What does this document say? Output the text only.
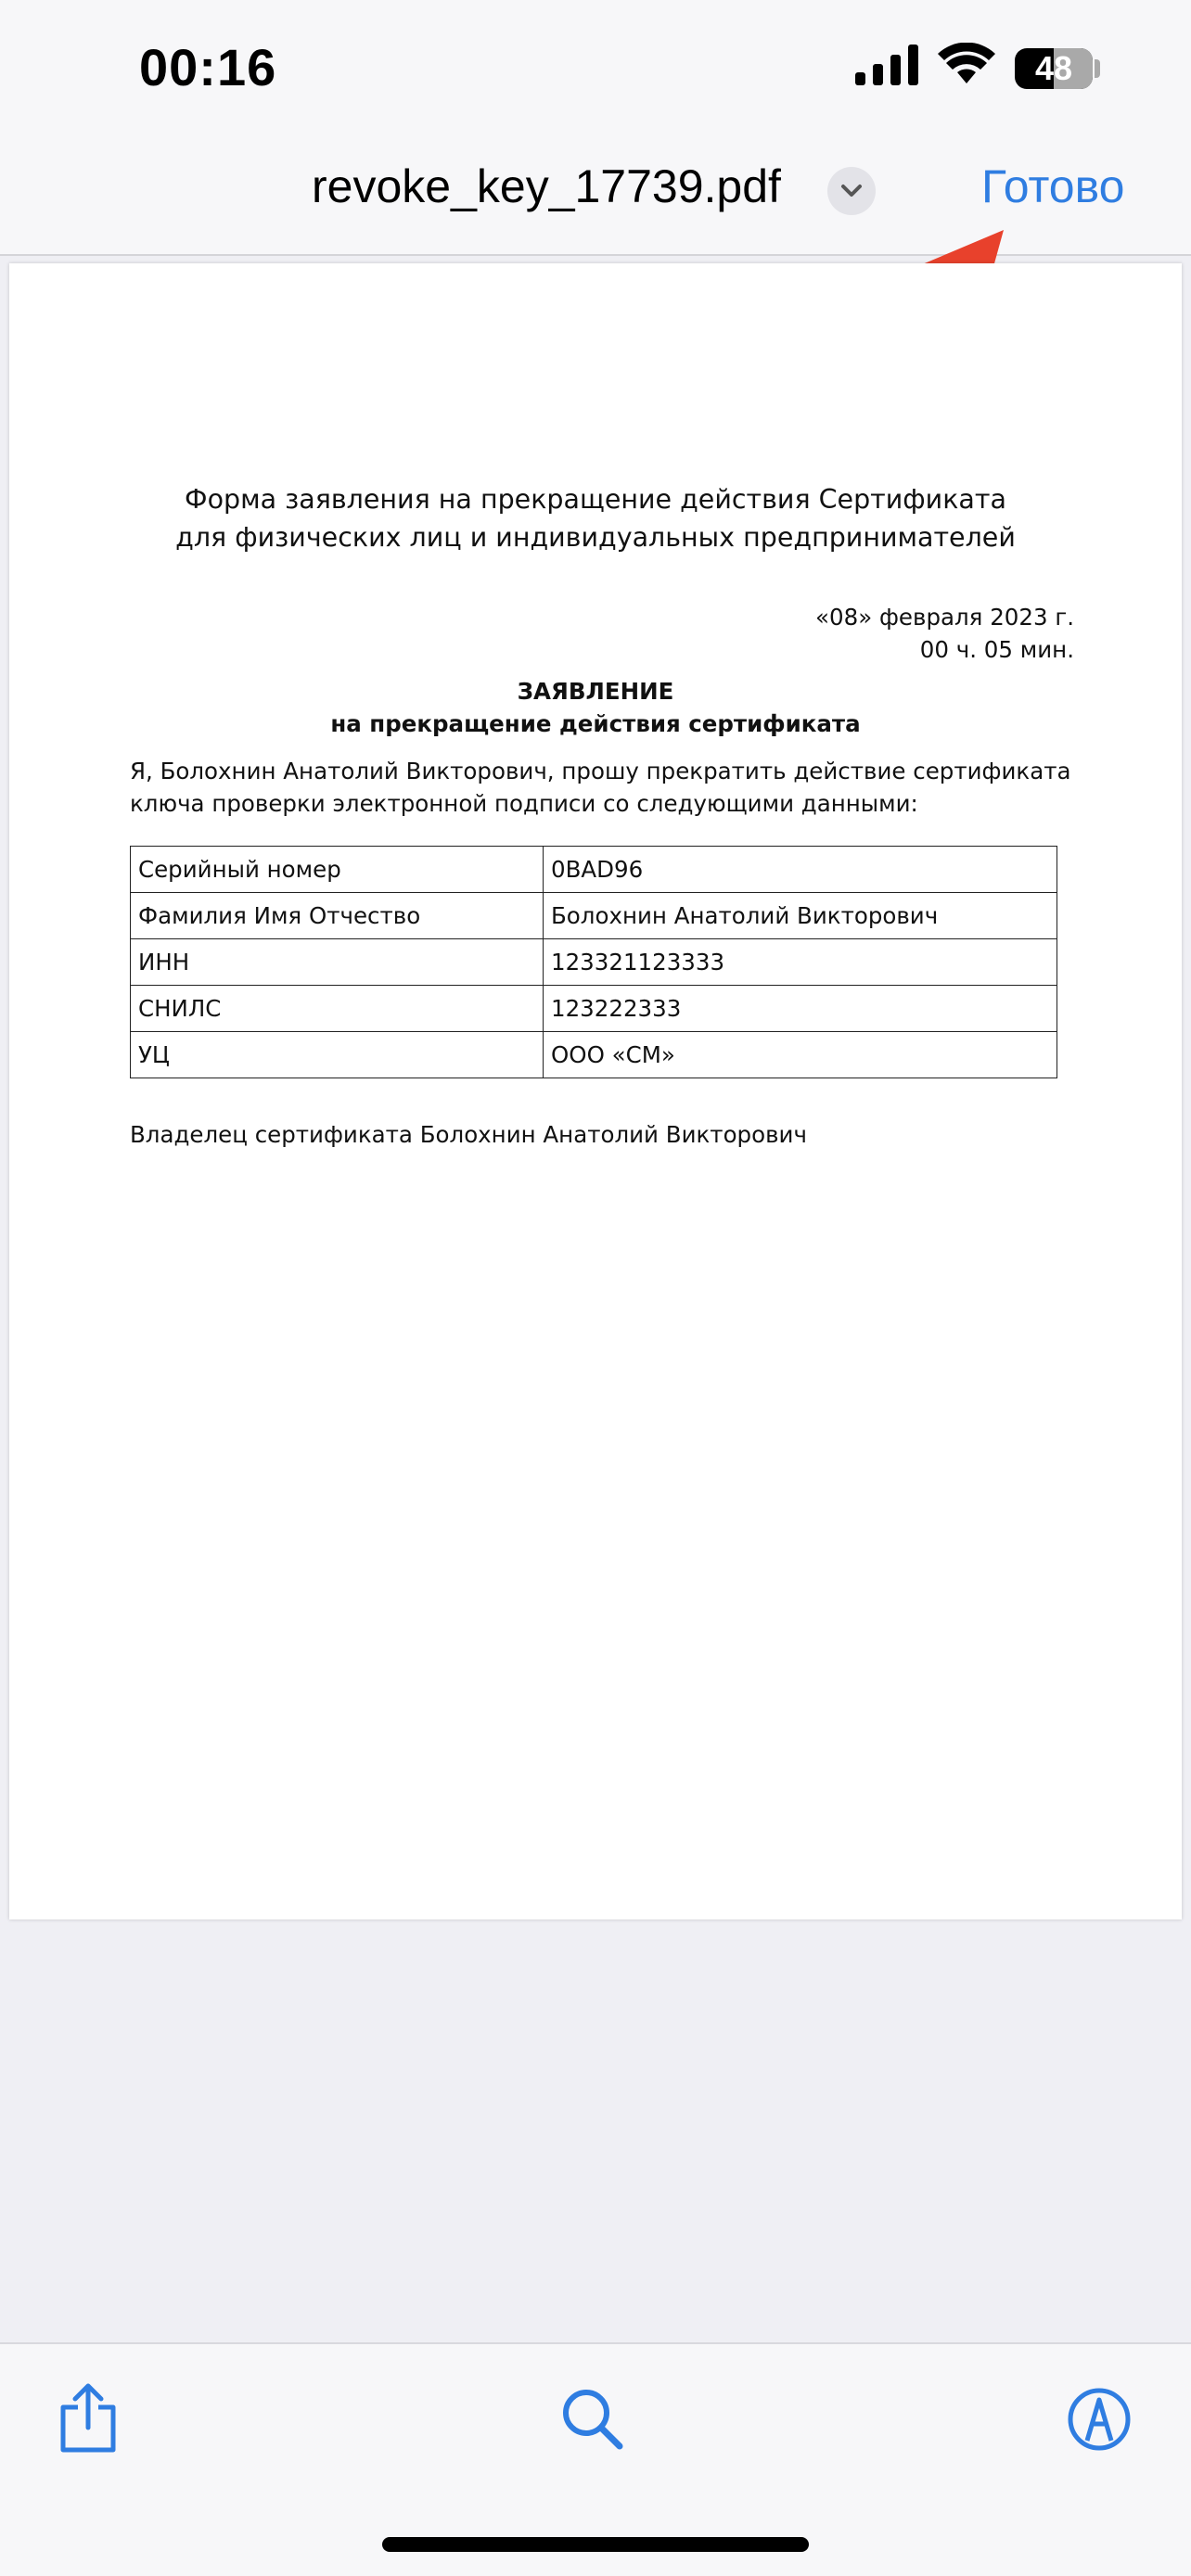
00:16	48
revoke_key_17739.pdf	Готово
Форма заявления на прекращение действия Сертификата
для физических лиц и индивидуальных предпринимателей
«08» февраля 2023 г.
00 ч. 05 мин.
ЗАЯВЛЕНИЕ
на прекращение действия сертификата
Я, Болохнин Анатолий Викторович, прошу прекратить действие сертификата
ключа проверки электронной подписи со следующими данными:
Серийный номер	0BAD96
Фамилия Имя Отчество	Болохнин Анатолий Викторович
ИНН	123321123333
СНИЛС	123222333
УЦ	ООО «СМ»
Владелец сертификата Болохнин Анатолий Викторович
